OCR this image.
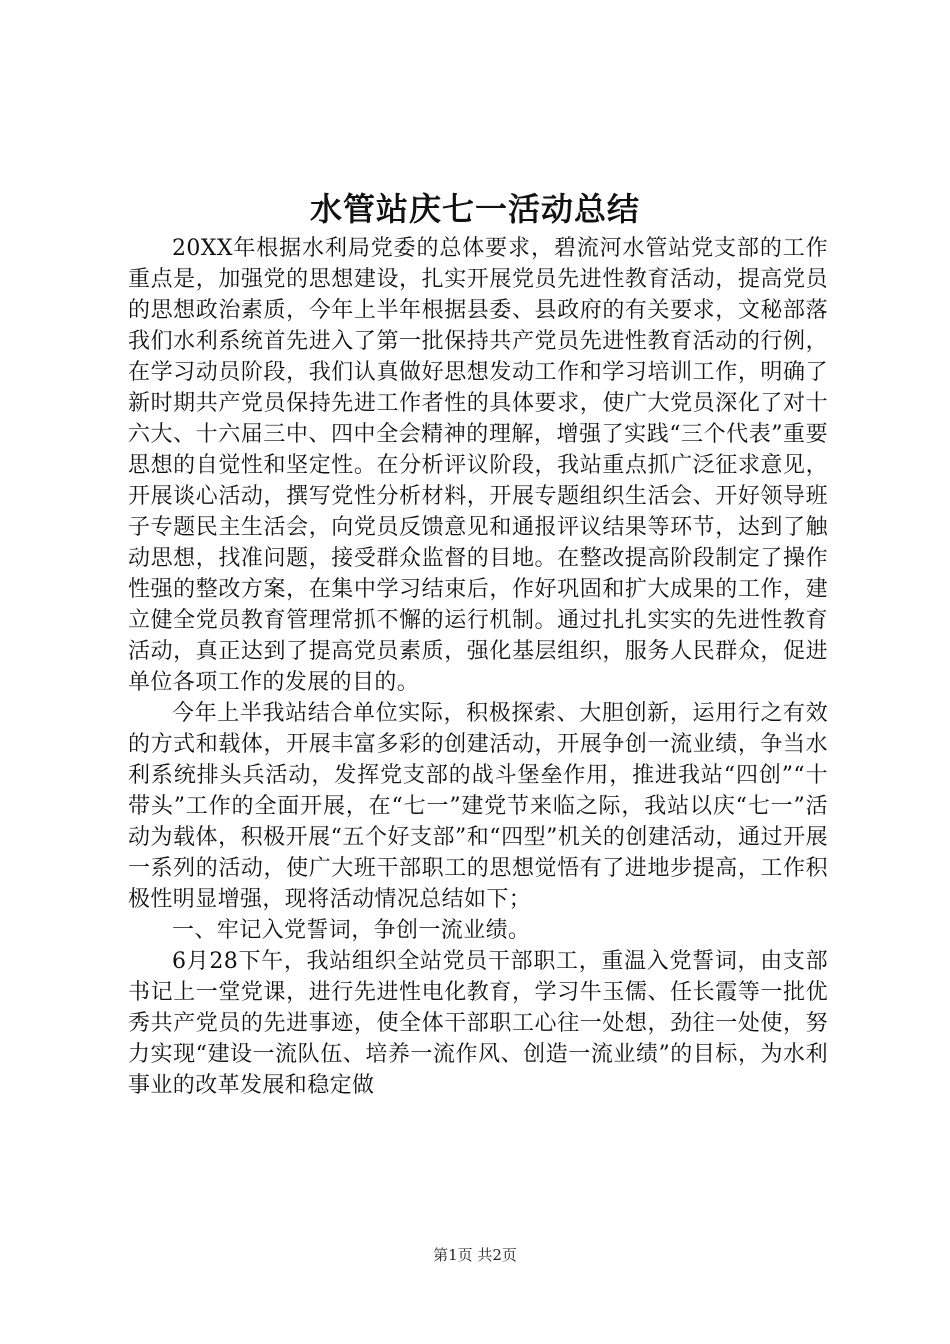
水管站庆七一活动总结

20XX年根据水利局党委的总体要求，碧流河水管站党支部的工作重点是，加强党的思想建设，扎实开展党员先进性教育活动，提高党员的思想政治素质，今年上半年根据县委、县政府的有关要求，文秘部落我们水利系统首先进入了第一批保持共产党员先进性教育活动的行例，在学习动员阶段，我们认真做好思想发动工作和学习培训工作，明确了新时期共产党员保持先进工作者性的具体要求，使广大党员深化了对十六大、十六届三中、四中全会精神的理解，增强了实践“三个代表”重要思想的自觉性和坚定性。在分析评议阶段，我站重点抓广泛征求意见，开展谈心活动，撰写党性分析材料，开展专题组织生活会、开好领导班子专题民主生活会，向党员反馈意见和通报评议结果等环节，达到了触动思想，找准问题，接受群众监督的目地。在整改提高阶段制定了操作性强的整改方案，在集中学习结束后，作好巩固和扩大成果的工作，建立健全党员教育管理常抓不懈的运行机制。通过扎扎实实的先进性教育活动，真正达到了提高党员素质，强化基层组织，服务人民群众，促进单位各项工作的发展的目的。

今年上半我站结合单位实际，积极探索、大胆创新，运用行之有效的方式和载体，开展丰富多彩的创建活动，开展争创一流业绩，争当水利系统排头兵活动，发挥党支部的战斗堡垒作用，推进我站“四创”“十带头”工作的全面开展，在“七一”建党节来临之际，我站以庆“七一”活动为载体，积极开展“五个好支部”和“四型”机关的创建活动，通过开展一系列的活动，使广大班干部职工的思想觉悟有了进地步提高，工作积极性明显增强，现将活动情况总结如下；

一、牢记入党誓词，争创一流业绩。

6月28下午，我站组织全站党员干部职工，重温入党誓词，由支部书记上一堂党课，进行先进性电化教育，学习牛玉儒、任长霞等一批优秀共产党员的先进事迹，使全体干部职工心往一处想，劲往一处使，努力实现“建设一流队伍、培养一流作风、创造一流业绩”的目标，为水利事业的改革发展和稳定做

第1页 共2页
